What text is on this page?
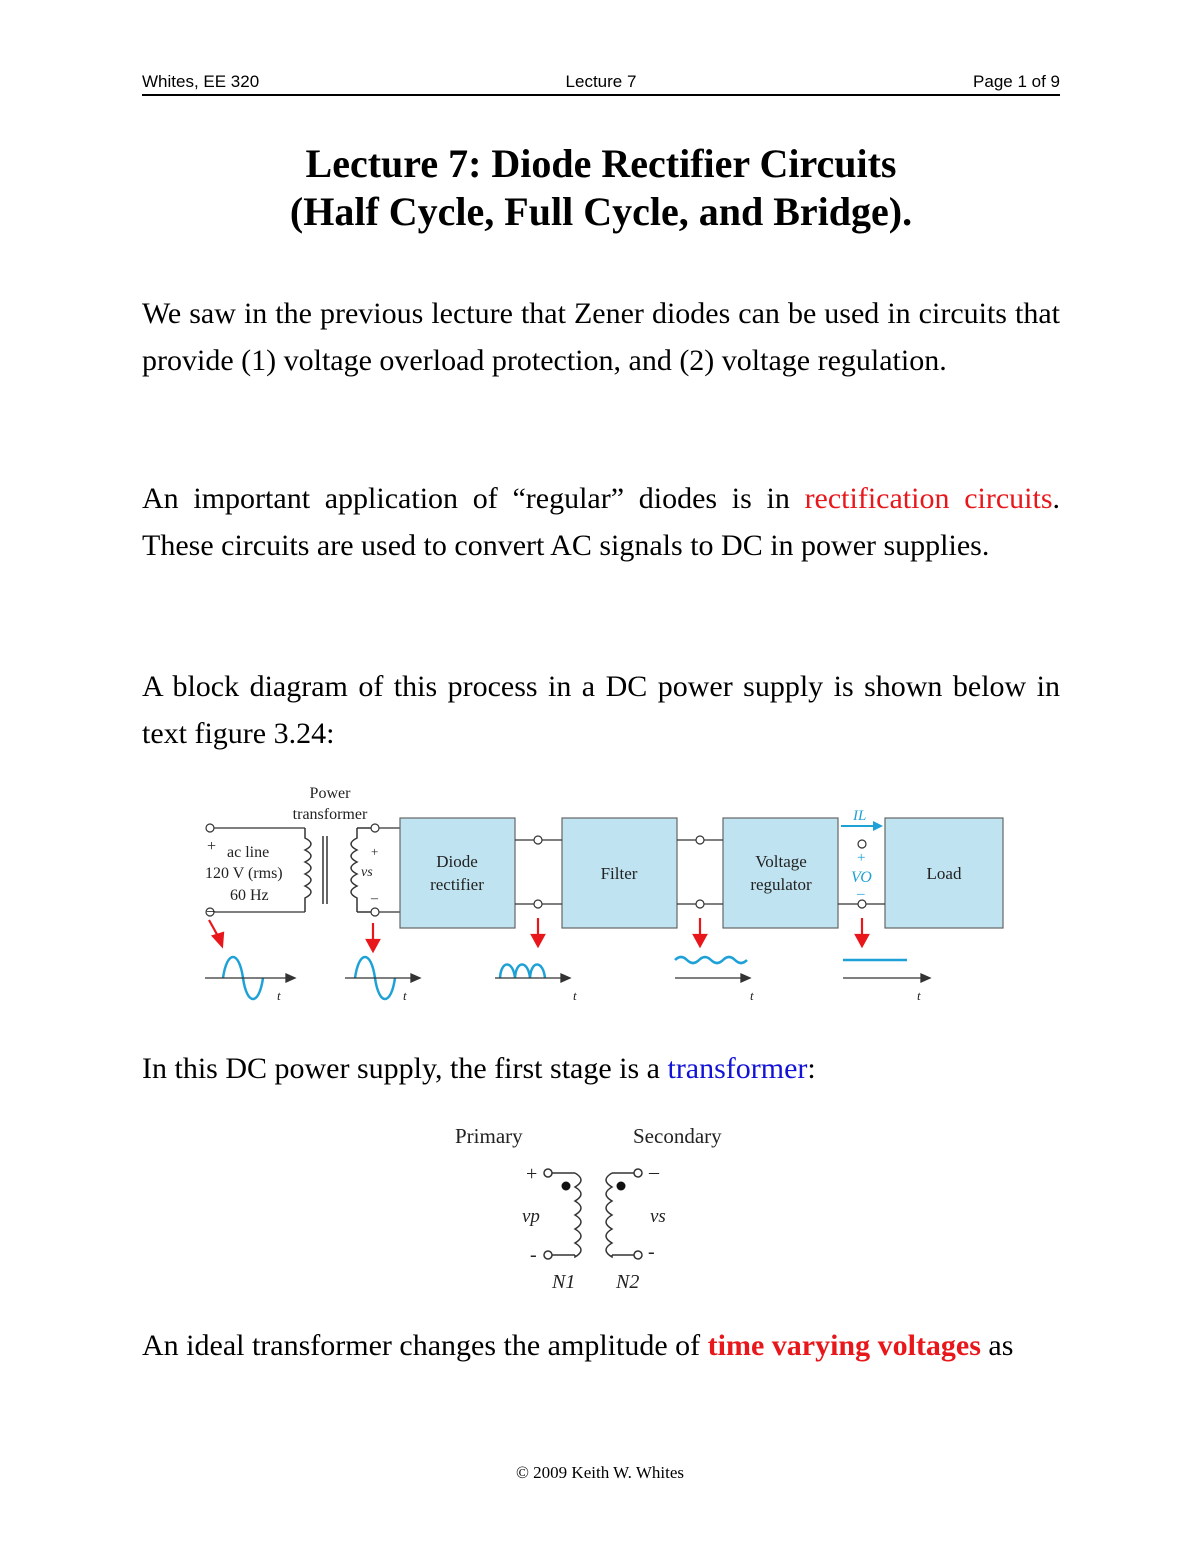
Whites, EE 320	Lecture 7	Page 1 of 9
Lecture 7: Diode Rectifier Circuits
(Half Cycle, Full Cycle, and Bridge).
We saw in the previous lecture that Zener diodes can be used in circuits that provide (1) voltage overload protection, and (2) voltage regulation.
An important application of “regular” diodes is in rectification circuits. These circuits are used to convert AC signals to DC in power supplies.
A block diagram of this process in a DC power supply is shown below in text figure 3.24:
Power
transformer
+
_
ac line
120 V (rms)
60 Hz
+
vs
–
Diode
rectifier
Filter
Voltage
regulator
Load
IL
+
VO
–
t	t	t	t	t
In this DC power supply, the first stage is a transformer:
Primary	Secondary
+
-
–
-
vp	vs
N1 N2
An ideal transformer changes the amplitude of time varying voltages as
© 2009 Keith W. Whites
